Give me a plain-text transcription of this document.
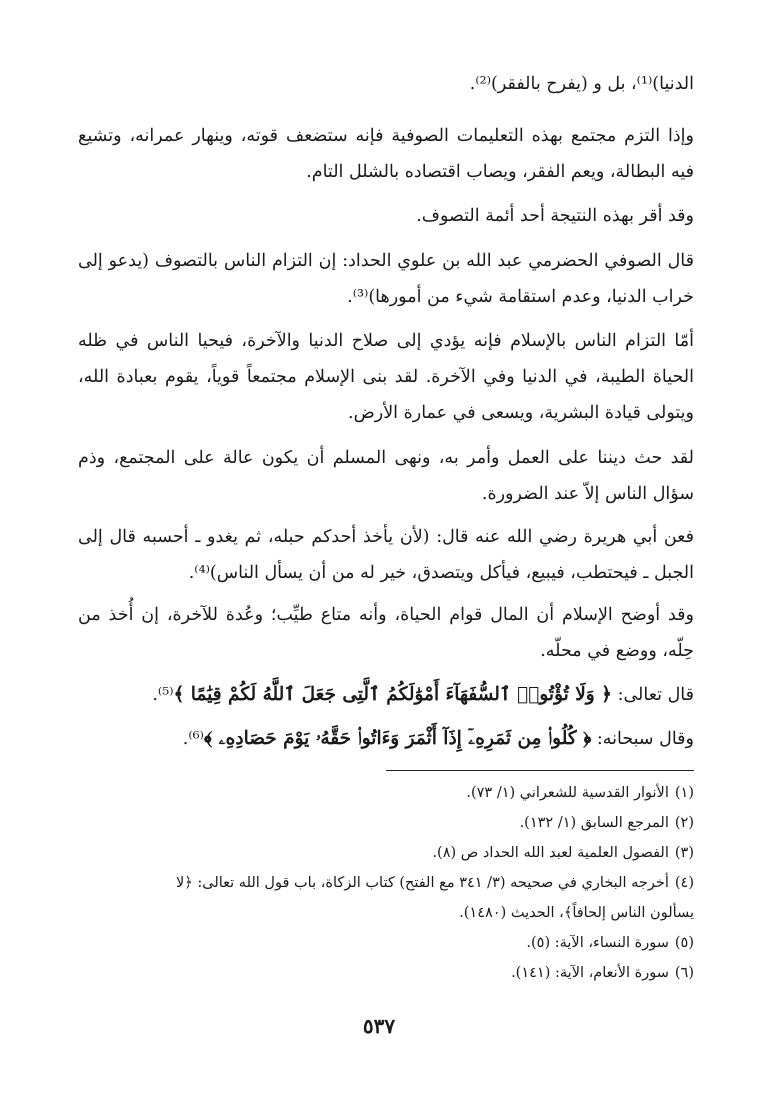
الدنيا)⁽¹⁾، بل و (يفرح بالفقر)⁽²⁾.
وإذا التزم مجتمع بهذه التعليمات الصوفية فإنه ستضعف قوته، وينهار عمرانه، وتشيع فيه البطالة، ويعم الفقر، ويصاب اقتصاده بالشلل التام.
وقد أقر بهذه النتيجة أحد أئمة التصوف.
قال الصوفي الحضرمي عبد الله بن علوي الحداد: إن التزام الناس بالتصوف (يدعو إلى خراب الدنيا، وعدم استقامة شيء من أمورها)⁽³⁾.
أمّا التزام الناس بالإسلام فإنه يؤدي إلى صلاح الدنيا والآخرة، فيحيا الناس في ظله الحياة الطيبة، في الدنيا وفي الآخرة. لقد بنى الإسلام مجتمعاً قوياً، يقوم بعبادة الله، ويتولى قيادة البشرية، ويسعى في عمارة الأرض.
لقد حث ديننا على العمل وأمر به، ونهى المسلم أن يكون عالة على المجتمع، وذم سؤال الناس إلاّ عند الضرورة.
فعن أبي هريرة رضي الله عنه قال: (لأن يأخذ أحدكم حبله، ثم يغدو ـ أحسبه قال إلى الجبل ـ فيحتطب، فيبيع، فيأكل ويتصدق، خير له من أن يسأل الناس)⁽⁴⁾.
وقد أوضح الإسلام أن المال قوام الحياة، وأنه متاع طيِّب؛ وعُدة للآخرة، إن أُخذ من حِلّه، ووضع في محلّه.
قال تعالى: ﴿ وَلَا تُؤْتُوا۟ ٱلسُّفَهَآءَ أَمْوَٰلَكُمُ ٱلَّتِى جَعَلَ ٱللَّهُ لَكُمْ قِيَٰمًا ﴾⁽⁵⁾.
وقال سبحانه: ﴿ كُلُوا۟ مِن ثَمَرِهِۦٓ إِذَآ أَثْمَرَ وَءَاتُوا۟ حَقَّهُۥ يَوْمَ حَصَادِهِۦ ﴾⁽⁶⁾.
(١)الأنوار القدسية للشعراني (١/ ٧٣).
(٢)المرجع السابق (١/ ١٣٢).
(٣)الفصول العلمية لعبد الله الحداد ص (٨).
(٤)أخرجه البخاري في صحيحه (٣/ ٣٤١ مع الفتح) كتاب الزكاة، باب قول الله تعالى: ﴿لا
يسألون الناس إلحافاً﴾، الحديث (١٤٨٠).
(٥)سورة النساء، الآية: (٥).
(٦)سورة الأنعام، الآية: (١٤١).
٥٣٧
